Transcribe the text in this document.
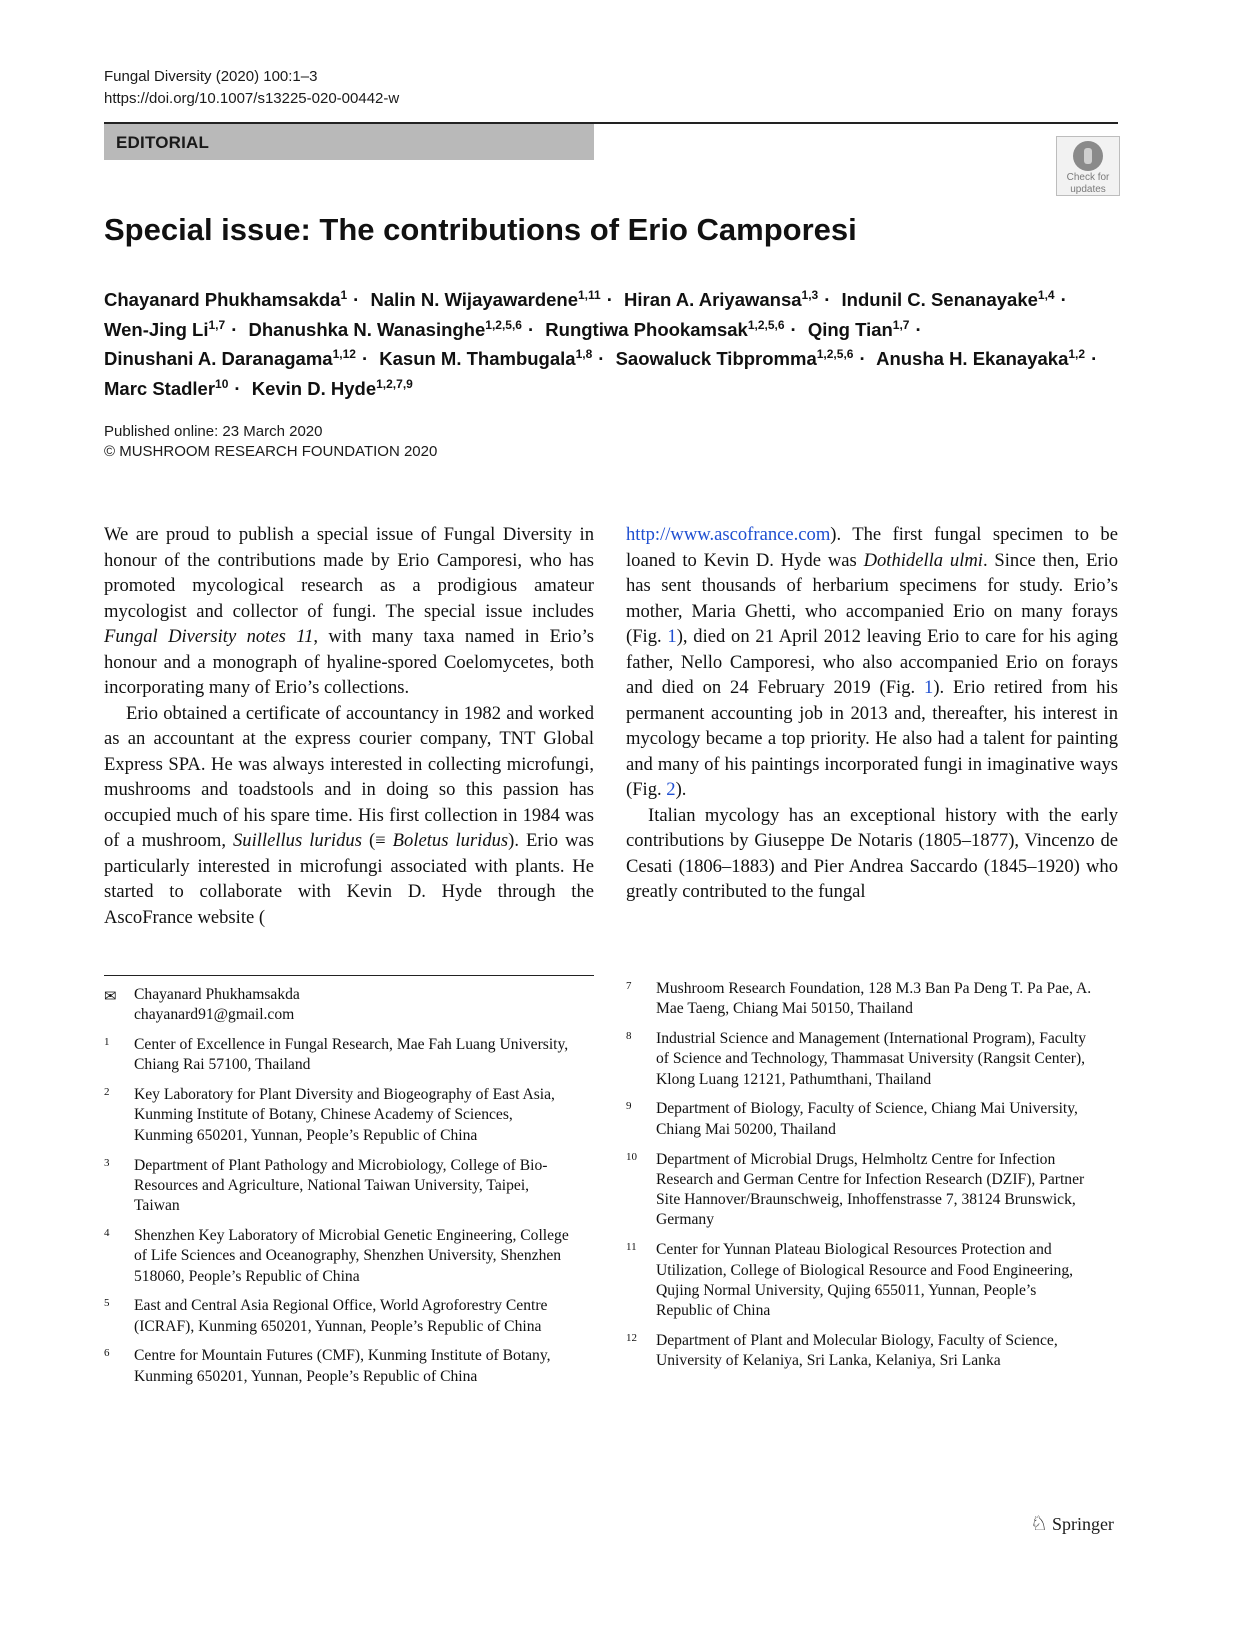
Fungal Diversity (2020) 100:1–3
https://doi.org/10.1007/s13225-020-00442-w
EDITORIAL
Check for
updates
Special issue: The contributions of Erio Camporesi
Chayanard Phukhamsakda$^1$ · Nalin N. Wijayawardene$^{1,11}$ · Hiran A. Ariyawansa$^{1,3}$ · Indunil C. Senanayake$^{1,4}$ ·
Wen-Jing Li$^{1,7}$ · Dhanushka N. Wanasinghe$^{1,2,5,6}$ · Rungtiwa Phookamsak$^{1,2,5,6}$ · Qing Tian$^{1,7}$ ·
Dinushani A. Daranagama$^{1,12}$ · Kasun M. Thambugala$^{1,8}$ · Saowaluck Tibpromma$^{1,2,5,6}$ · Anusha H. Ekanayaka$^{1,2}$ ·
Marc Stadler$^{10}$ · Kevin D. Hyde$^{1,2,7,9}$
Published online: 23 March 2020
© MUSHROOM RESEARCH FOUNDATION 2020

We are proud to publish a special issue of Fungal Diversity in honour of the contributions made by Erio Camporesi, who has promoted mycological research as a prodigious amateur mycologist and collector of fungi. The special issue includes Fungal Diversity notes 11, with many taxa named in Erio’s honour and a monograph of hyaline-spored Coelomycetes, both incorporating many of Erio’s collections.

Erio obtained a certificate of accountancy in 1982 and worked as an accountant at the express courier company, TNT Global Express SPA. He was always interested in collecting microfungi, mushrooms and toadstools and in doing so this passion has occupied much of his spare time. His first collection in 1984 was of a mushroom, Suillellus luridus (≡ Boletus luridus). Erio was particularly interested in microfungi associated with plants. He started to collaborate with Kevin D. Hyde through the AscoFrance website (

http://www.ascofrance.com). The first fungal specimen to be loaned to Kevin D. Hyde was Dothidella ulmi. Since then, Erio has sent thousands of herbarium specimens for study. Erio’s mother, Maria Ghetti, who accompanied Erio on many forays (Fig. 1), died on 21 April 2012 leaving Erio to care for his aging father, Nello Camporesi, who also accompanied Erio on forays and died on 24 February 2019 (Fig. 1). Erio retired from his permanent accounting job in 2013 and, thereafter, his interest in mycology became a top priority. He also had a talent for painting and many of his paintings incorporated fungi in imaginative ways (Fig. 2).

Italian mycology has an exceptional history with the early contributions by Giuseppe De Notaris (1805–1877), Vincenzo de Cesati (1806–1883) and Pier Andrea Saccardo (1845–1920) who greatly contributed to the fungal

✉ Chayanard Phukhamsakda
chayanard91@gmail.com
1 Center of Excellence in Fungal Research, Mae Fah Luang University, Chiang Rai 57100, Thailand
2 Key Laboratory for Plant Diversity and Biogeography of East Asia, Kunming Institute of Botany, Chinese Academy of Sciences, Kunming 650201, Yunnan, People’s Republic of China
3 Department of Plant Pathology and Microbiology, College of Bio-Resources and Agriculture, National Taiwan University, Taipei, Taiwan
4 Shenzhen Key Laboratory of Microbial Genetic Engineering, College of Life Sciences and Oceanography, Shenzhen University, Shenzhen 518060, People’s Republic of China
5 East and Central Asia Regional Office, World Agroforestry Centre (ICRAF), Kunming 650201, Yunnan, People’s Republic of China
6 Centre for Mountain Futures (CMF), Kunming Institute of Botany, Kunming 650201, Yunnan, People’s Republic of China
7 Mushroom Research Foundation, 128 M.3 Ban Pa Deng T. Pa Pae, A. Mae Taeng, Chiang Mai 50150, Thailand
8 Industrial Science and Management (International Program), Faculty of Science and Technology, Thammasat University (Rangsit Center), Klong Luang 12121, Pathumthani, Thailand
9 Department of Biology, Faculty of Science, Chiang Mai University, Chiang Mai 50200, Thailand
10 Department of Microbial Drugs, Helmholtz Centre for Infection Research and German Centre for Infection Research (DZIF), Partner Site Hannover/Braunschweig, Inhoffenstrasse 7, 38124 Brunswick, Germany
11 Center for Yunnan Plateau Biological Resources Protection and Utilization, College of Biological Resource and Food Engineering, Qujing Normal University, Qujing 655011, Yunnan, People’s Republic of China
12 Department of Plant and Molecular Biology, Faculty of Science, University of Kelaniya, Sri Lanka, Kelaniya, Sri Lanka
♘ Springer
